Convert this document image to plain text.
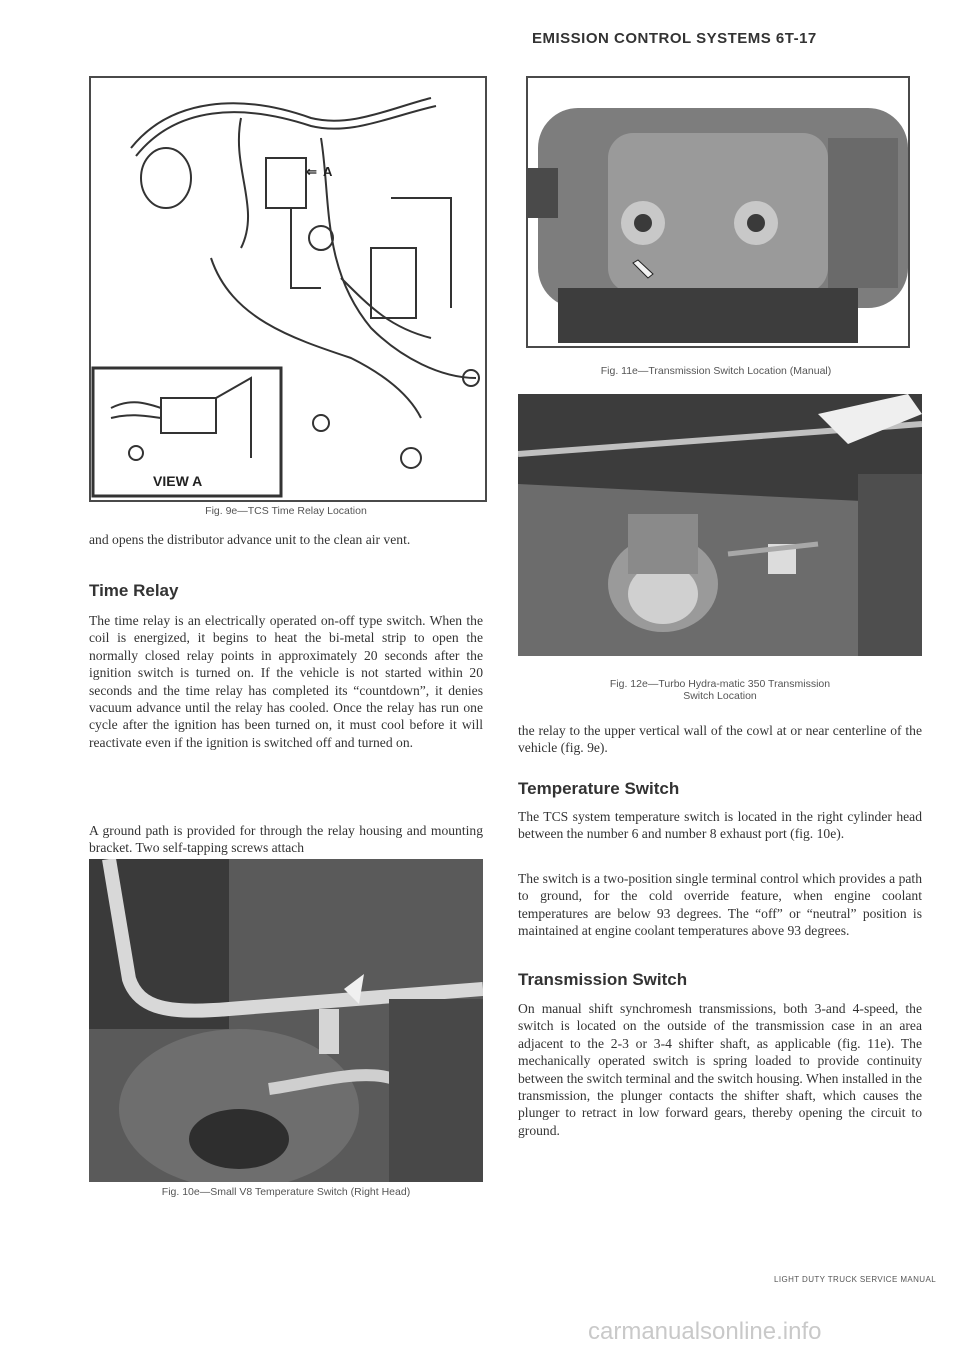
EMISSION CONTROL SYSTEMS 6T-17
⇐ A
VIEW A
Fig. 9e—TCS Time Relay Location

and opens the distributor advance unit to the clean air vent.

Time Relay

The time relay is an electrically operated on-off type switch. When the coil is energized, it begins to heat the bi-metal strip to open the normally closed relay points in approximately 20 seconds after the ignition switch is turned on. If the vehicle is not started within 20 seconds and the time relay has completed its “countdown”, it denies vacuum advance until the relay has cooled. Once the relay has run one cycle after the ignition has been turned on, it must cool before it will reactivate even if the ignition is switched off and turned on.

A ground path is provided for through the relay housing and mounting bracket. Two self-tapping screws attach

Fig. 10e—Small V8 Temperature Switch (Right Head)
Fig. 11e—Transmission Switch Location (Manual)
Fig. 12e—Turbo Hydra-matic 350 Transmission
Switch Location

the relay to the upper vertical wall of the cowl at or near centerline of the vehicle (fig. 9e).

Temperature Switch

The TCS system temperature switch is located in the right cylinder head between the number 6 and number 8 exhaust port (fig. 10e).

The switch is a two-position single terminal control which provides a path to ground, for the cold override feature, when engine coolant temperatures are below 93 degrees. The “off” or “neutral” position is maintained at engine coolant temperatures above 93 degrees.

Transmission Switch

On manual shift synchromesh transmissions, both 3-and 4-speed, the switch is located on the outside of the transmission case in an area adjacent to the 2-3 or 3-4 shifter shaft, as applicable (fig. 11e). The mechanically operated switch is spring loaded to provide continuity between the switch terminal and the switch housing. When installed in the transmission, the plunger contacts the shifter shaft, which causes the plunger to retract in low forward gears, thereby opening the circuit to ground.

LIGHT DUTY TRUCK SERVICE MANUAL
carmanualsonline.info
